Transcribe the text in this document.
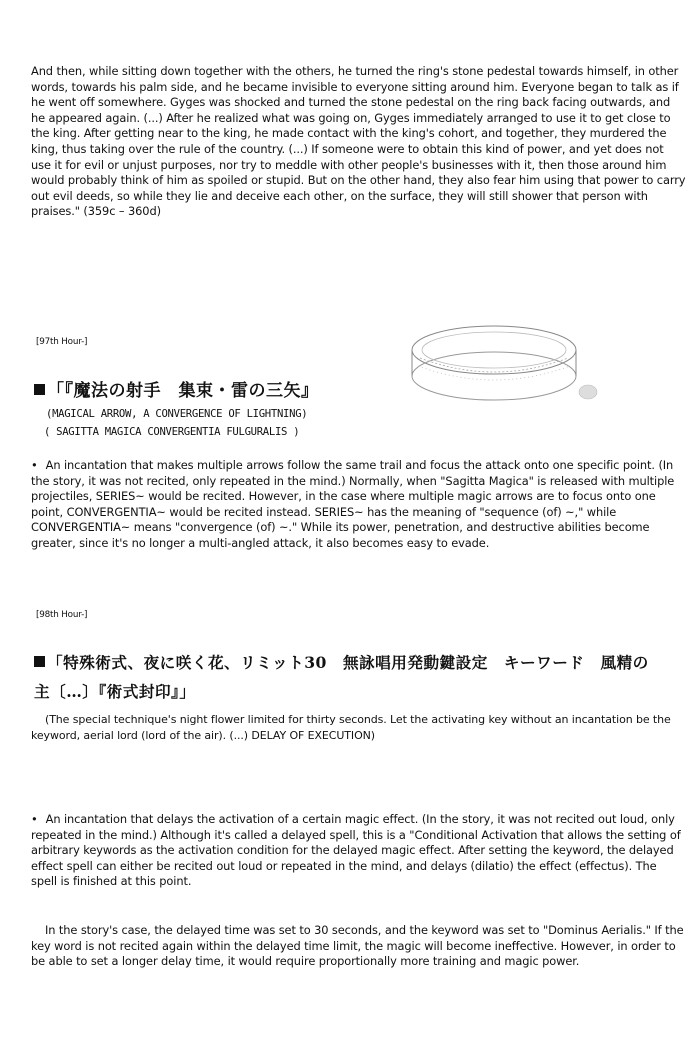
And then, while sitting down together with the others, he turned the ring's stone pedestal towards himself, in other words, towards his palm side, and he became invisible to everyone sitting around him. Everyone began to talk as if he went off somewhere. Gyges was shocked and turned the stone pedestal on the ring back facing outwards, and he appeared again. (...) After he realized what was going on, Gyges immediately arranged to use it to get close to the king. After getting near to the king, he made contact with the king's cohort, and together, they murdered the king, thus taking over the rule of the country. (...) If someone were to obtain this kind of power, and yet does not use it for evil or unjust purposes, nor try to meddle with other people's businesses with it, then those around him would probably think of him as spoiled or stupid. But on the other hand, they also fear him using that power to carry out evil deeds, so while they lie and deceive each other, on the surface, they will still shower that person with praises." (359c – 360d)

[97th Hour-]
「『魔法の射手　集束・雷の三矢』
(MAGICAL ARROW, A CONVERGENCE OF LIGHTNING)
( SAGITTA MAGICA CONVERGENTIA FULGURALIS )

• An incantation that makes multiple arrows follow the same trail and focus the attack onto one specific point. (In the story, it was not recited, only repeated in the mind.) Normally, when "Sagitta Magica" is released with multiple projectiles, SERIES~ would be recited. However, in the case where multiple magic arrows are to focus onto one point, CONVERGENTIA~ would be recited instead. SERIES~ has the meaning of "sequence (of) ~," while CONVERGENTIA~ means "convergence (of) ~." While its power, penetration, and destructive abilities become greater, since it's no longer a multi-angled attack, it also becomes easy to evade.

[98th Hour-]
「特殊術式、夜に咲く花、リミット30　無詠唱用発動鍵設定　キーワード　風精の
主〔…〕『術式封印』」

(The special technique's night flower limited for thirty seconds. Let the activating key without an incantation be the keyword, aerial lord (lord of the air). (...) DELAY OF EXECUTION)

• An incantation that delays the activation of a certain magic effect. (In the story, it was not recited out loud, only repeated in the mind.) Although it's called a delayed spell, this is a "Conditional Activation that allows the setting of arbitrary keywords as the activation condition for the delayed magic effect. After setting the keyword, the delayed effect spell can either be recited out loud or repeated in the mind, and delays (dilatio) the effect (effectus). The spell is finished at this point.

In the story's case, the delayed time was set to 30 seconds, and the keyword was set to "Dominus Aerialis." If the key word is not recited again within the delayed time limit, the magic will become ineffective. However, in order to be able to set a longer delay time, it would require proportionally more training and magic power.
